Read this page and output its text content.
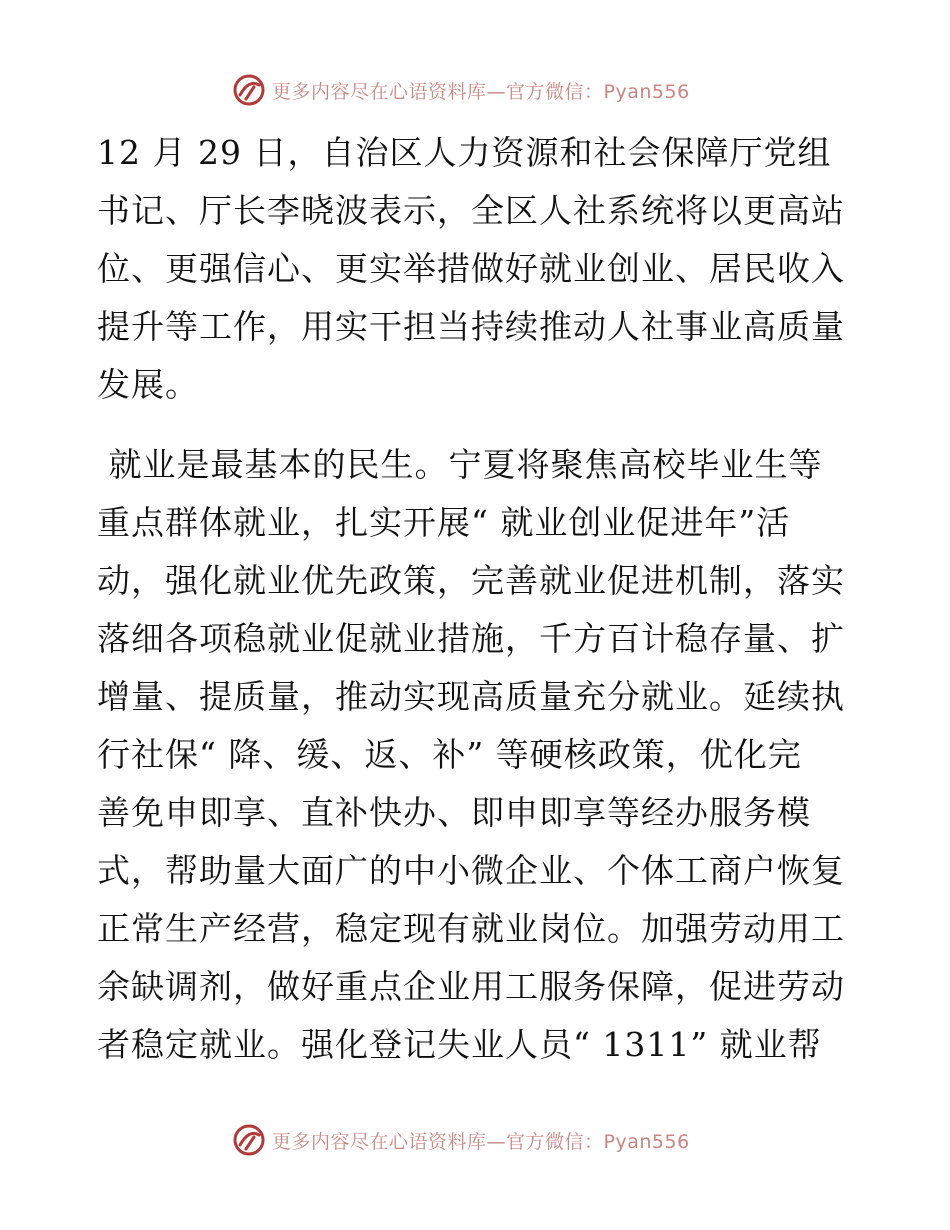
更多内容尽在心语资料库—官方微信：Pyan556
12 月 29 日，自治区人力资源和社会保障厅党组
书记、厅长李晓波表示，全区人社系统将以更高站
位、更强信心、更实举措做好就业创业、居民收入
提升等工作，用实干担当持续推动人社事业高质量
发展。
就业是最基本的民生。宁夏将聚焦高校毕业生等
重点群体就业，扎实开展“ 就业创业促进年”活
动，强化就业优先政策，完善就业促进机制，落实
落细各项稳就业促就业措施，千方百计稳存量、扩
增量、提质量，推动实现高质量充分就业。延续执
行社保“ 降、缓、返、补” 等硬核政策，优化完
善免申即享、直补快办、即申即享等经办服务模
式，帮助量大面广的中小微企业、个体工商户恢复
正常生产经营，稳定现有就业岗位。加强劳动用工
余缺调剂，做好重点企业用工服务保障，促进劳动
者稳定就业。强化登记失业人员“ 1311” 就业帮
更多内容尽在心语资料库—官方微信：Pyan556
